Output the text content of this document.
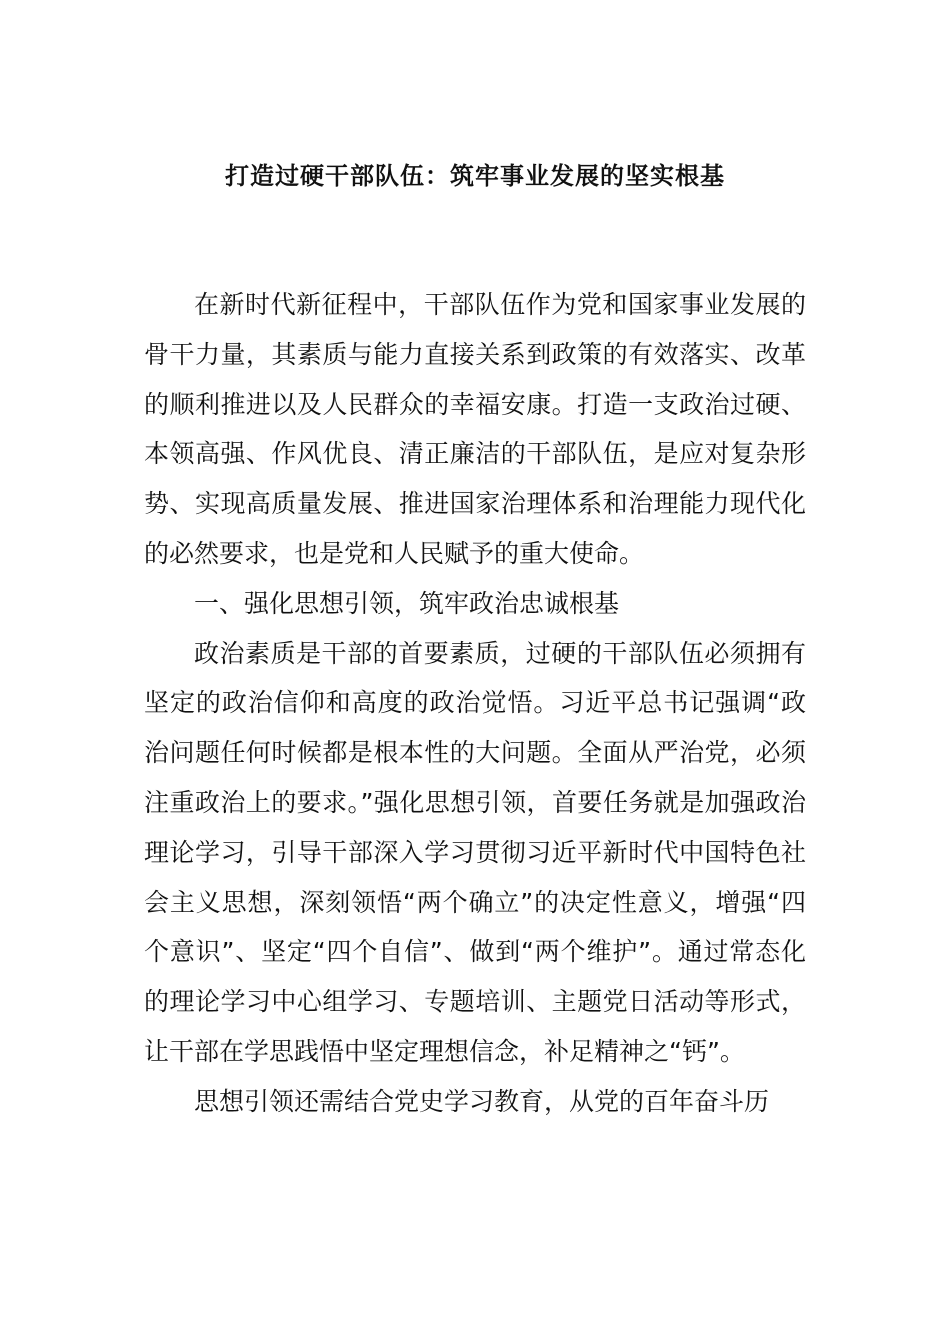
打造过硬干部队伍：筑牢事业发展的坚实根基

在新时代新征程中，干部队伍作为党和国家事业发展的骨干力量，其素质与能力直接关系到政策的有效落实、改革的顺利推进以及人民群众的幸福安康。打造一支政治过硬、本领高强、作风优良、清正廉洁的干部队伍，是应对复杂形势、实现高质量发展、推进国家治理体系和治理能力现代化的必然要求，也是党和人民赋予的重大使命。

一、强化思想引领，筑牢政治忠诚根基

政治素质是干部的首要素质，过硬的干部队伍必须拥有坚定的政治信仰和高度的政治觉悟。习近平总书记强调“政治问题任何时候都是根本性的大问题。全面从严治党，必须注重政治上的要求。”强化思想引领，首要任务就是加强政治理论学习，引导干部深入学习贯彻习近平新时代中国特色社会主义思想，深刻领悟“两个确立”的决定性意义，增强“四个意识”、坚定“四个自信”、做到“两个维护”。通过常态化的理论学习中心组学习、专题培训、主题党日活动等形式，让干部在学思践悟中坚定理想信念，补足精神之“钙”。

思想引领还需结合党史学习教育，从党的百年奋斗历
